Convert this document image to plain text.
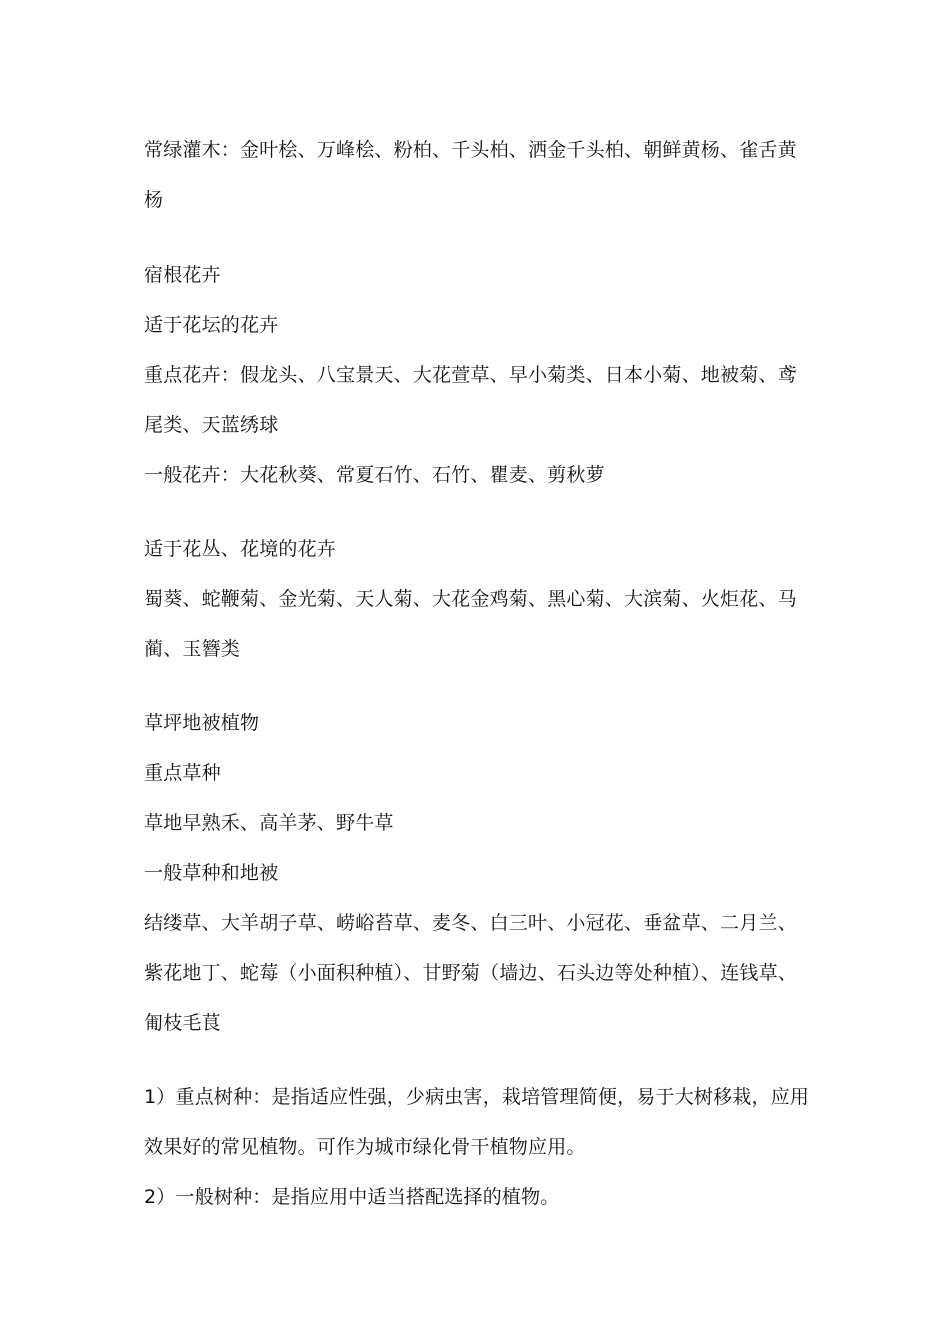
常绿灌木：金叶桧、万峰桧、粉柏、千头柏、洒金千头柏、朝鲜黄杨、雀舌黄
杨
宿根花卉
适于花坛的花卉
重点花卉：假龙头、八宝景天、大花萱草、早小菊类、日本小菊、地被菊、鸢
尾类、天蓝绣球
一般花卉：大花秋葵、常夏石竹、石竹、瞿麦、剪秋萝
适于花丛、花境的花卉
蜀葵、蛇鞭菊、金光菊、天人菊、大花金鸡菊、黑心菊、大滨菊、火炬花、马
蔺、玉簪类
草坪地被植物
重点草种
草地早熟禾、高羊茅、野牛草
一般草种和地被
结缕草、大羊胡子草、崂峪苔草、麦冬、白三叶、小冠花、垂盆草、二月兰、
紫花地丁、蛇莓（小面积种植）、甘野菊（墙边、石头边等处种植）、连钱草、
匍枝毛茛
1）重点树种：是指适应性强，少病虫害，栽培管理简便，易于大树移栽，应用
效果好的常见植物。可作为城市绿化骨干植物应用。
2）一般树种：是指应用中适当搭配选择的植物。
